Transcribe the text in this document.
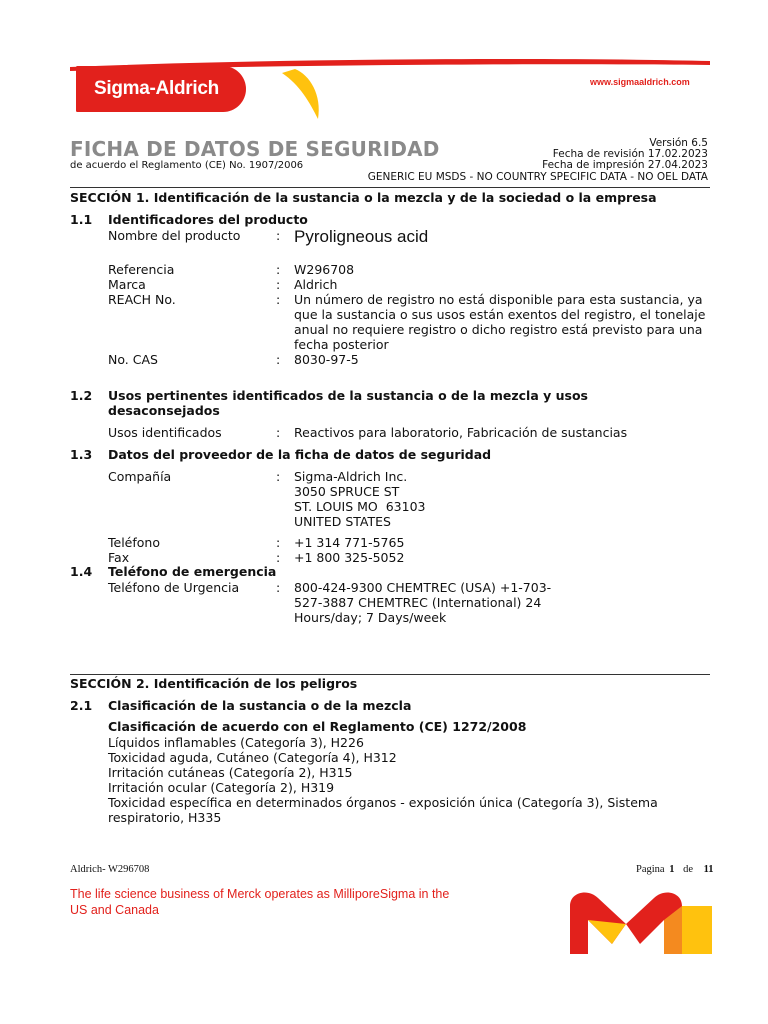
Sigma-Aldrich	www.sigmaaldrich.com
FICHA DE DATOS DE SEGURIDAD
de acuerdo el Reglamento (CE) No. 1907/2006
Versión 6.5
Fecha de revisión 17.02.2023
Fecha de impresión 27.04.2023
GENERIC EU MSDS - NO COUNTRY SPECIFIC DATA - NO OEL DATA
SECCIÓN 1. Identificación de la sustancia o la mezcla y de la sociedad o la empresa
1.1 Identificadores del producto
Nombre del producto	: Pyroligneous acid
Referencia	: W296708
Marca	: Aldrich
REACH No.	: Un número de registro no está disponible para esta sustancia, ya que la sustancia o sus usos están exentos del registro, el tonelaje anual no requiere registro o dicho registro está previsto para una fecha posterior
No. CAS	: 8030-97-5
1.2 Usos pertinentes identificados de la sustancia o de la mezcla y usos desaconsejados
Usos identificados	: Reactivos para laboratorio, Fabricación de sustancias
1.3 Datos del proveedor de la ficha de datos de seguridad
Compañía	: Sigma-Aldrich Inc.
3050 SPRUCE ST
ST. LOUIS MO  63103
UNITED STATES
Teléfono	: +1 314 771-5765
Fax	: +1 800 325-5052
1.4 Teléfono de emergencia
Teléfono de Urgencia	: 800-424-9300 CHEMTREC (USA) +1-703-527-3887 CHEMTREC (International) 24 Hours/day; 7 Days/week
SECCIÓN 2. Identificación de los peligros
2.1 Clasificación de la sustancia o de la mezcla
Clasificación de acuerdo con el Reglamento (CE) 1272/2008
Líquidos inflamables (Categoría 3), H226
Toxicidad aguda, Cutáneo (Categoría 4), H312
Irritación cutáneas (Categoría 2), H315
Irritación ocular (Categoría 2), H319
Toxicidad específica en determinados órganos - exposición única (Categoría 3), Sistema respiratorio, H335
Aldrich- W296708	Pagina 1 de 11
The life science business of Merck operates as MilliporeSigma in the US and Canada
